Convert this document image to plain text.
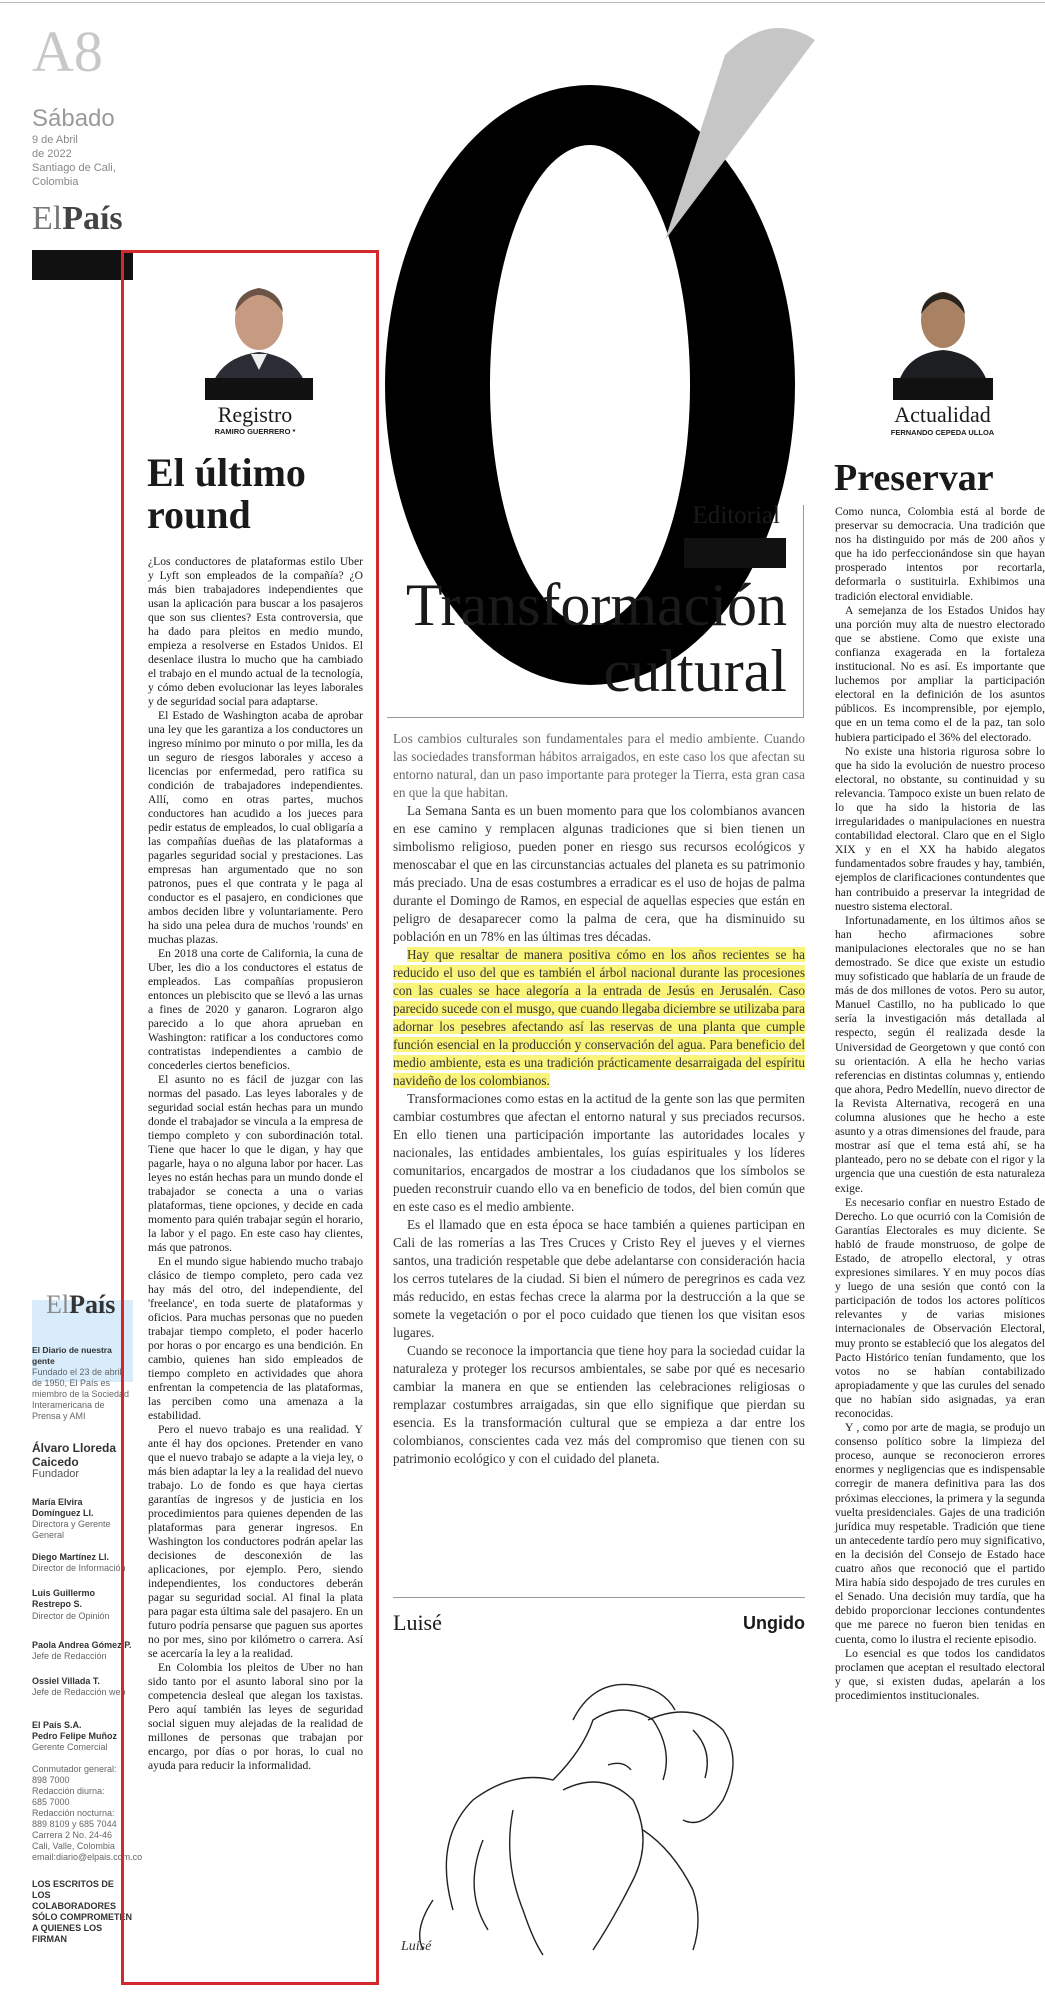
A8
Sábado
9 de Abril
de 2022
Santiago de Cali,
Colombia
ElPaís
ElPaís
El Diario de nuestra gente
Fundado el 23 de abril de 1950, El País es miembro de la Sociedad Interamericana de Prensa y AMI
Álvaro Lloreda Caicedo
Fundador
María Elvira Domínguez Ll.
Directora y Gerente General
Diego Martínez Ll.
Director de Información
Luis Guillermo Restrepo S.
Director de Opinión
Paola Andrea Gómez P.
Jefe de Redacción
Ossiel Villada T.
Jefe de Redacción web
El País S.A.
Pedro Felipe Muñoz
Gerente Comercial
Conmutador general:
898 7000
Redacción diurna:
685 7000
Redacción nocturna:
889 8109 y 685 7044
Carrera 2 No. 24-46
Cali, Valle, Colombia
email:diario@elpais.com.co
LOS ESCRITOS DE LOS COLABORADORES SÓLO COMPROMETEN A QUIENES LOS FIRMAN
Registro
RAMIRO GUERRERO *
El último
round

¿Los conductores de plataformas estilo Uber y Lyft son empleados de la compañía? ¿O más bien trabajadores independientes que usan la aplicación para buscar a los pasajeros que son sus clientes? Esta controversia, que ha dado para pleitos en medio mundo, empieza a resolverse en Estados Unidos. El desenlace ilustra lo mucho que ha cambiado el trabajo en el mundo actual de la tecnología, y cómo deben evolucionar las leyes laborales y de seguridad social para adaptarse.

El Estado de Washington acaba de aprobar una ley que les garantiza a los conductores un ingreso mínimo por minuto o por milla, les da un seguro de riesgos laborales y acceso a licencias por enfermedad, pero ratifica su condición de trabajadores independientes. Allí, como en otras partes, muchos conductores han acudido a los jueces para pedir estatus de empleados, lo cual obligaría a las compañías dueñas de las plataformas a pagarles seguridad social y prestaciones. Las empresas han argumentado que no son patronos, pues el que contrata y le paga al conductor es el pasajero, en condiciones que ambos deciden libre y voluntariamente. Pero ha sido una pelea dura de muchos 'rounds' en muchas plazas.

En 2018 una corte de California, la cuna de Uber, les dio a los conductores el estatus de empleados. Las compañías propusieron entonces un plebiscito que se llevó a las urnas a fines de 2020 y ganaron. Lograron algo parecido a lo que ahora aprueban en Washington: ratificar a los conductores como contratistas independientes a cambio de concederles ciertos beneficios.

El asunto no es fácil de juzgar con las normas del pasado. Las leyes laborales y de seguridad social están hechas para un mundo donde el trabajador se vincula a la empresa de tiempo completo y con subordinación total. Tiene que hacer lo que le digan, y hay que pagarle, haya o no alguna labor por hacer. Las leyes no están hechas para un mundo donde el trabajador se conecta a una o varias plataformas, tiene opciones, y decide en cada momento para quién trabajar según el horario, la labor y el pago. En este caso hay clientes, más que patronos.

En el mundo sigue habiendo mucho trabajo clásico de tiempo completo, pero cada vez hay más del otro, del independiente, del 'freelance', en toda suerte de plataformas y oficios. Para muchas personas que no pueden trabajar tiempo completo, el poder hacerlo por horas o por encargo es una bendición. En cambio, quienes han sido empleados de tiempo completo en actividades que ahora enfrentan la competencia de las plataformas, las perciben como una amenaza a la estabilidad.

Pero el nuevo trabajo es una realidad. Y ante él hay dos opciones. Pretender en vano que el nuevo trabajo se adapte a la vieja ley, o más bien adaptar la ley a la realidad del nuevo trabajo. Lo de fondo es que haya ciertas garantías de ingresos y de justicia en los procedimientos para quienes dependen de las plataformas para generar ingresos. En Washington los conductores podrán apelar las decisiones de desconexión de las aplicaciones, por ejemplo. Pero, siendo independientes, los conductores deberán pagar su seguridad social. Al final la plata para pagar esta última sale del pasajero. En un futuro podría pensarse que paguen sus aportes no por mes, sino por kilómetro o carrera. Así se acercaría la ley a la realidad.

En Colombia los pleitos de Uber no han sido tanto por el asunto laboral sino por la competencia desleal que alegan los taxistas. Pero aquí también las leyes de seguridad social siguen muy alejadas de la realidad de millones de personas que trabajan por encargo, por días o por horas, lo cual no ayuda para reducir la informalidad.

Editorial
Transformación
cultural

Los cambios culturales son fundamentales para el medio ambiente. Cuando las sociedades transforman hábitos arraigados, en este caso los que afectan su entorno natural, dan un paso importante para proteger la Tierra, esta gran casa en que la que habitan.

La Semana Santa es un buen momento para que los colombianos avancen en ese camino y remplacen algunas tradiciones que si bien tienen un simbolismo religioso, pueden poner en riesgo sus recursos ecológicos y menoscabar el que en las circunstancias actuales del planeta es su patrimonio más preciado. Una de esas costumbres a erradicar es el uso de hojas de palma durante el Domingo de Ramos, en especial de aquellas especies que están en peligro de desaparecer como la palma de cera, que ha disminuido su población en un 78% en las últimas tres décadas.

Hay que resaltar de manera positiva cómo en los años recientes se ha reducido el uso del que es también el árbol nacional durante las procesiones con las cuales se hace alegoría a la entrada de Jesús en Jerusalén. Caso parecido sucede con el musgo, que cuando llegaba diciembre se utilizaba para adornar los pesebres afectando así las reservas de una planta que cumple función esencial en la producción y conservación del agua. Para beneficio del medio ambiente, esta es una tradición prácticamente desarraigada del espíritu navideño de los colombianos.

Transformaciones como estas en la actitud de la gente son las que permiten cambiar costumbres que afectan el entorno natural y sus preciados recursos. En ello tienen una participación importante las autoridades locales y nacionales, las entidades ambientales, los guías espirituales y los líderes comunitarios, encargados de mostrar a los ciudadanos que los símbolos se pueden reconstruir cuando ello va en beneficio de todos, del bien común que en este caso es el medio ambiente.

Es el llamado que en esta época se hace también a quienes participan en Cali de las romerías a las Tres Cruces y Cristo Rey el jueves y el viernes santos, una tradición respetable que debe adelantarse con consideración hacia los cerros tutelares de la ciudad. Si bien el número de peregrinos es cada vez más reducido, en estas fechas crece la alarma por la destrucción a la que se somete la vegetación o por el poco cuidado que tienen los que visitan esos lugares.

Cuando se reconoce la importancia que tiene hoy para la sociedad cuidar la naturaleza y proteger los recursos ambientales, se sabe por qué es necesario cambiar la manera en que se entienden las celebraciones religiosas o remplazar costumbres arraigadas, sin que ello signifique que pierdan su esencia. Es la transformación cultural que se empieza a dar entre los colombianos, conscientes cada vez más del compromiso que tienen con su patrimonio ecológico y con el cuidado del planeta.

Luisé	Ungido
Luisé
Actualidad
FERNANDO CEPEDA ULLOA
Preservar

Como nunca, Colombia está al borde de preservar su democracia. Una tradición que nos ha distinguido por más de 200 años y que ha ido perfeccionándose sin que hayan prosperado intentos por recortarla, deformarla o sustituirla. Exhibimos una tradición electoral envidiable.

A semejanza de los Estados Unidos hay una porción muy alta de nuestro electorado que se abstiene. Como que existe una confianza exagerada en la fortaleza institucional. No es así. Es importante que luchemos por ampliar la participación electoral en la definición de los asuntos públicos. Es incomprensible, por ejemplo, que en un tema como el de la paz, tan solo hubiera participado el 36% del electorado.

No existe una historia rigurosa sobre lo que ha sido la evolución de nuestro proceso electoral, no obstante, su continuidad y su relevancia. Tampoco existe un buen relato de lo que ha sido la historia de las irregularidades o manipulaciones en nuestra contabilidad electoral. Claro que en el Siglo XIX y en el XX ha habido alegatos fundamentados sobre fraudes y hay, también, ejemplos de clarificaciones contundentes que han contribuido a preservar la integridad de nuestro sistema electoral.

Infortunadamente, en los últimos años se han hecho afirmaciones sobre manipulaciones electorales que no se han demostrado. Se dice que existe un estudio muy sofisticado que hablaría de un fraude de más de dos millones de votos. Pero su autor, Manuel Castillo, no ha publicado lo que sería la investigación más detallada al respecto, según él realizada desde la Universidad de Georgetown y que contó con su orientación. A ella he hecho varias referencias en distintas columnas y, entiendo que ahora, Pedro Medellín, nuevo director de la Revista Alternativa, recogerá en una columna alusiones que he hecho a este asunto y a otras dimensiones del fraude, para mostrar así que el tema está ahí, se ha planteado, pero no se debate con el rigor y la urgencia que una cuestión de esta naturaleza exige.

Es necesario confiar en nuestro Estado de Derecho. Lo que ocurrió con la Comisión de Garantías Electorales es muy diciente. Se habló de fraude monstruoso, de golpe de Estado, de atropello electoral, y otras expresiones similares. Y en muy pocos días y luego de una sesión que contó con la participación de todos los actores políticos relevantes y de varias misiones internacionales de Observación Electoral, muy pronto se estableció que los alegatos del Pacto Histórico tenían fundamento, que los votos no se habían contabilizado apropiadamente y que las curules del senado que no habían sido asignadas, ya eran reconocidas.

Y , como por arte de magia, se produjo un consenso político sobre la limpieza del proceso, aunque se reconocieron errores enormes y negligencias que es indispensable corregir de manera definitiva para las dos próximas elecciones, la primera y la segunda vuelta presidenciales. Gajes de una tradición jurídica muy respetable. Tradición que tiene un antecedente tardío pero muy significativo, en la decisión del Consejo de Estado hace cuatro años que reconoció que el partido Mira había sido despojado de tres curules en el Senado. Una decisión muy tardía, que ha debido proporcionar lecciones contundentes que me parece no fueron bien tenidas en cuenta, como lo ilustra el reciente episodio.

Lo esencial es que todos los candidatos proclamen que aceptan el resultado electoral y que, si existen dudas, apelarán a los procedimientos institucionales.
